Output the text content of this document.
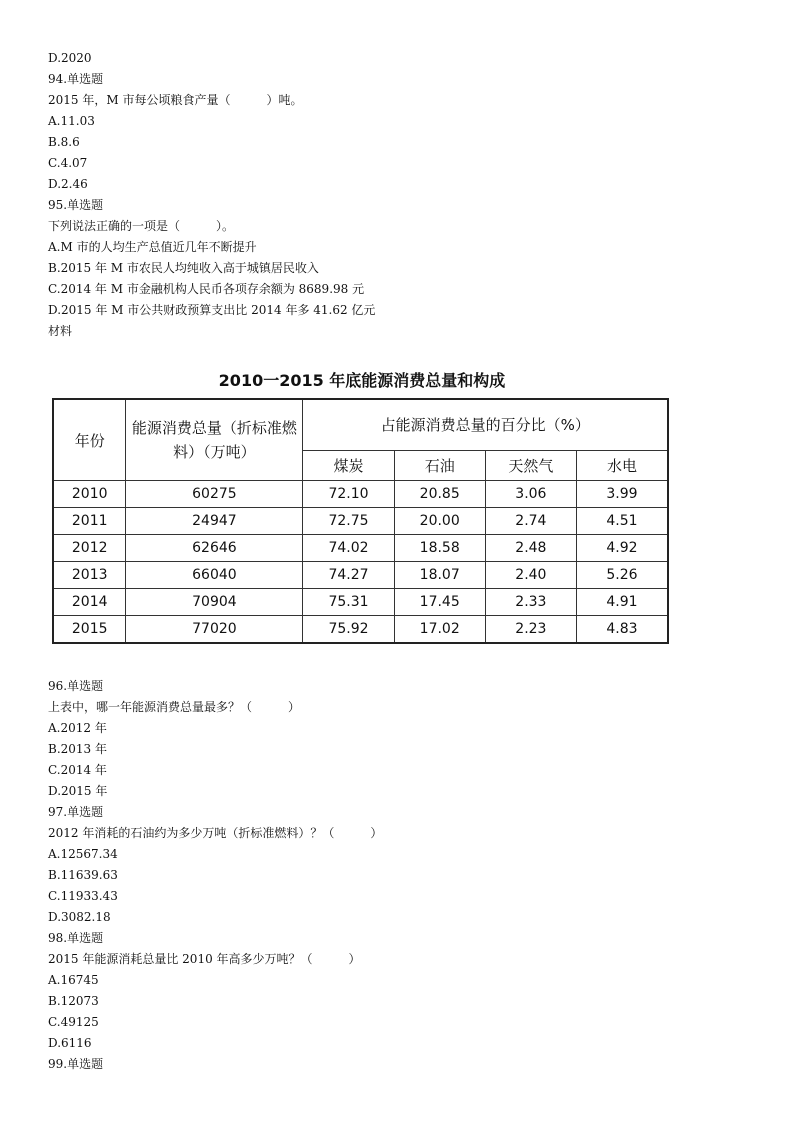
D.2020
94.单选题
2015 年，M 市每公顷粮食产量（　　　）吨。
A.11.03
B.8.6
C.4.07
D.2.46
95.单选题
下列说法正确的一项是（　　　）。
A.M 市的人均生产总值近几年不断提升
B.2015 年 M 市农民人均纯收入高于城镇居民收入
C.2014 年 M 市金融机构人民币各项存余额为 8689.98 元
D.2015 年 M 市公共财政预算支出比 2014 年多 41.62 亿元
材料
2010一2015 年底能源消费总量和构成
年份	能源消费总量（折标准燃料）（万吨）	占能源消费总量的百分比（%）			
		煤炭	石油	天然气	水电
2010	60275	72.10	20.85	3.06	3.99
2011	24947	72.75	20.00	2.74	4.51
2012	62646	74.02	18.58	2.48	4.92
2013	66040	74.27	18.07	2.40	5.26
2014	70904	75.31	17.45	2.33	4.91
2015	77020	75.92	17.02	2.23	4.83
96.单选题
上表中，哪一年能源消费总量最多？（　　　）
A.2012 年
B.2013 年
C.2014 年
D.2015 年
97.单选题
2012 年消耗的石油约为多少万吨（折标准燃料）？（　　　）
A.12567.34
B.11639.63
C.11933.43
D.3082.18
98.单选题
2015 年能源消耗总量比 2010 年高多少万吨？（　　　）
A.16745
B.12073
C.49125
D.6116
99.单选题
